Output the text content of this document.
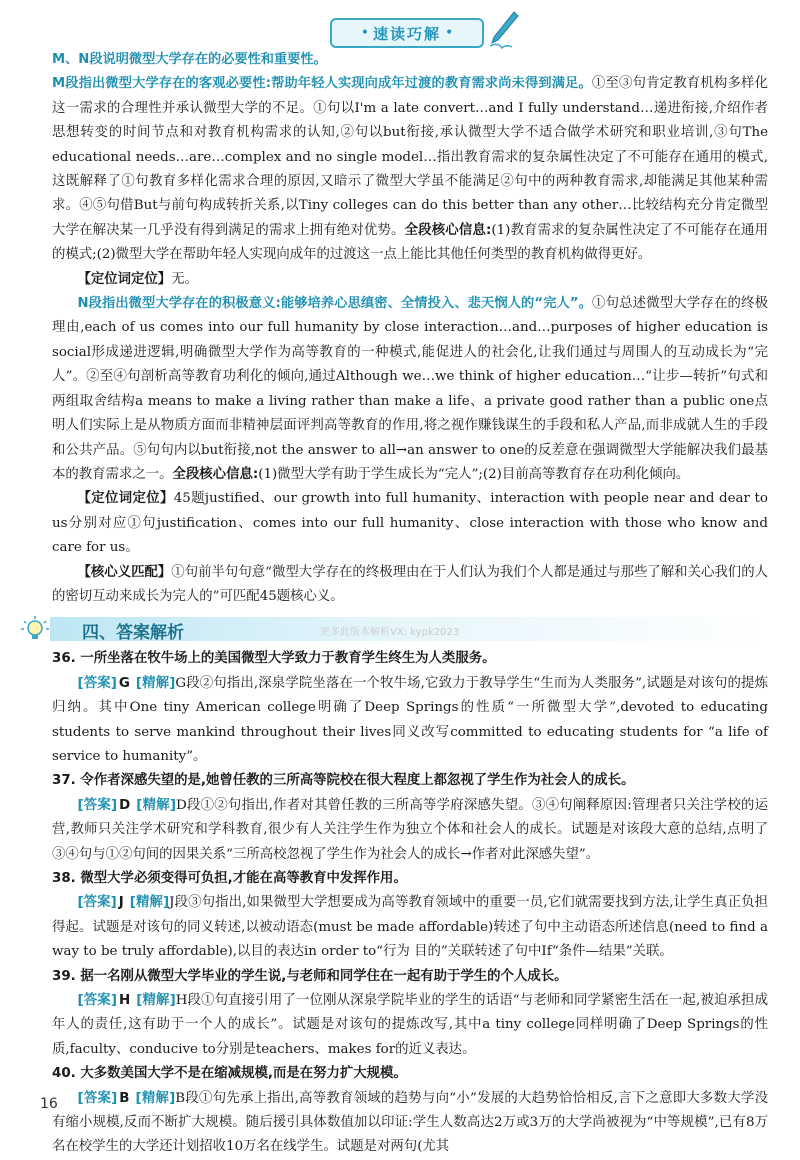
• 速读巧解 •

M、N段说明微型大学存在的必要性和重要性。

M段指出微型大学存在的客观必要性:帮助年轻人实现向成年过渡的教育需求尚未得到满足。①至③句肯定教育机构多样化这一需求的合理性并承认微型大学的不足。①句以I'm a late convert…and I fully understand…递进衔接,介绍作者思想转变的时间节点和对教育机构需求的认知,②句以but衔接,承认微型大学不适合做学术研究和职业培训,③句The educational needs…are…complex and no single model…指出教育需求的复杂属性决定了不可能存在通用的模式,这既解释了①句教育多样化需求合理的原因,又暗示了微型大学虽不能满足②句中的两种教育需求,却能满足其他某种需求。④⑤句借But与前句构成转折关系,以Tiny colleges can do this better than any other…比较结构充分肯定微型大学在解决某一几乎没有得到满足的需求上拥有绝对优势。全段核心信息:(1)教育需求的复杂属性决定了不可能存在通用的模式;(2)微型大学在帮助年轻人实现向成年的过渡这一点上能比其他任何类型的教育机构做得更好。

【定位词定位】无。

N段指出微型大学存在的积极意义:能够培养心思缜密、全情投入、悲天悯人的“完人”。①句总述微型大学存在的终极理由,each of us comes into our full humanity by close interaction…and…purposes of higher education is social形成递进逻辑,明确微型大学作为高等教育的一种模式,能促进人的社会化,让我们通过与周围人的互动成长为“完人”。②至④句剖析高等教育功利化的倾向,通过Although we…we think of higher education…“让步—转折”句式和两组取舍结构a means to make a living rather than make a life、a private good rather than a public one点明人们实际上是从物质方面而非精神层面评判高等教育的作用,将之视作赚钱谋生的手段和私人产品,而非成就人生的手段和公共产品。⑤句句内以but衔接,not the answer to all→an answer to one的反差意在强调微型大学能解决我们最基本的教育需求之一。全段核心信息:(1)微型大学有助于学生成长为“完人”;(2)目前高等教育存在功利化倾向。

【定位词定位】45题justified、our growth into full humanity、interaction with people near and dear to us分别对应①句justification、comes into our full humanity、close interaction with those who know and care for us。

【核心义匹配】①句前半句句意“微型大学存在的终极理由在于人们认为我们个人都是通过与那些了解和关心我们的人的密切互动来成长为完人的”可匹配45题核心义。

四、答案解析	更多此版本解析VX: kypk2023

36. 一所坐落在牧牛场上的美国微型大学致力于教育学生终生为人类服务。

[答案] G [精解]G段②句指出,深泉学院坐落在一个牧牛场,它致力于教导学生“生而为人类服务”,试题是对该句的提炼归纳。其中One tiny American college明确了Deep Springs的性质“一所微型大学”,devoted to educating students to serve mankind throughout their lives同义改写committed to educating students for “a life of service to humanity”。

37. 令作者深感失望的是,她曾任教的三所高等院校在很大程度上都忽视了学生作为社会人的成长。

[答案] D [精解]D段①②句指出,作者对其曾任教的三所高等学府深感失望。③④句阐释原因:管理者只关注学校的运营,教师只关注学术研究和学科教育,很少有人关注学生作为独立个体和社会人的成长。试题是对该段大意的总结,点明了③④句与①②句间的因果关系“三所高校忽视了学生作为社会人的成长→作者对此深感失望”。

38. 微型大学必须变得可负担,才能在高等教育中发挥作用。

[答案] J [精解]J段③句指出,如果微型大学想要成为高等教育领域中的重要一员,它们就需要找到方法,让学生真正负担得起。试题是对该句的同义转述,以被动语态(must be made affordable)转述了句中主动语态所述信息(need to find a way to be truly affordable),以目的表达in order to“行为 目的”关联转述了句中If“条件—结果”关联。

39. 据一名刚从微型大学毕业的学生说,与老师和同学住在一起有助于学生的个人成长。

[答案] H [精解]H段①句直接引用了一位刚从深泉学院毕业的学生的话语“与老师和同学紧密生活在一起,被迫承担成年人的责任,这有助于一个人的成长”。试题是对该句的提炼改写,其中a tiny college同样明确了Deep Springs的性质,faculty、conducive to分别是teachers、makes for的近义表达。

40. 大多数美国大学不是在缩减规模,而是在努力扩大规模。

[答案] B [精解]B段①句先承上指出,高等教育领域的趋势与向“小”发展的大趋势恰恰相反,言下之意即大多数大学没有缩小规模,反而不断扩大规模。随后援引具体数值加以印证:学生人数高达2万或3万的大学尚被视为“中等规模”,已有8万名在校学生的大学还计划招收10万名在线学生。试题是对两句(尤其

16
